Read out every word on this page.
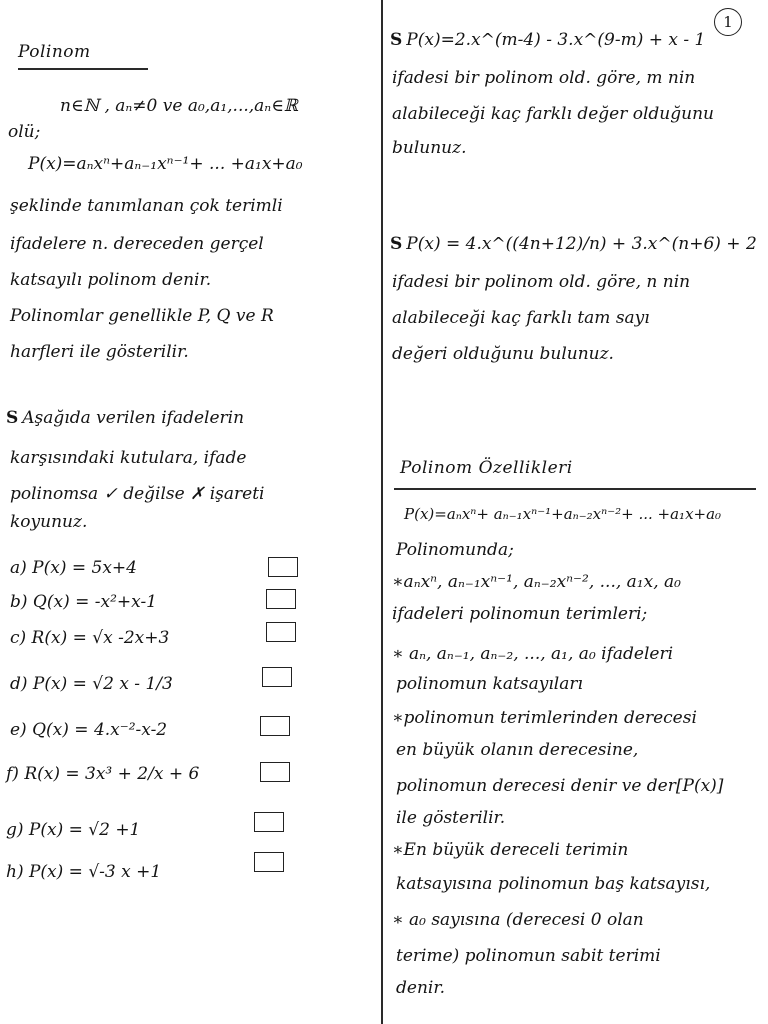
1
Polinom
n∈ℕ , aₙ≠0 ve a₀,a₁,...,aₙ∈ℝ
olü;
P(x)=aₙxⁿ+aₙ₋₁xⁿ⁻¹+ ... +a₁x+a₀
şeklinde tanımlanan çok terimli
ifadelere n. dereceden gerçel
katsayılı polinom denir.
Polinomlar genellikle P, Q ve R
harfleri ile gösterilir.
S Aşağıda verilen ifadelerin
karşısındaki kutulara, ifade
polinomsa ✓ değilse ✗ işareti
koyunuz.
a) P(x) = 5x+4
b) Q(x) = -x²+x-1
c) R(x) = √x -2x+3
d) P(x) = √2 x - 1/3
e) Q(x) = 4.x⁻²-x-2
f) R(x) = 3x³ + 2/x + 6
g) P(x) = √2 +1
h) P(x) = √-3 x +1
S P(x)=2.x^(m-4) - 3.x^(9-m) + x - 1
ifadesi bir polinom old. göre, m nin
alabileceği kaç farklı değer olduğunu
bulunuz.
S P(x) = 4.x^((4n+12)/n) + 3.x^(n+6) + 2
ifadesi bir polinom old. göre, n nin
alabileceği kaç farklı tam sayı
değeri olduğunu bulunuz.
Polinom Özellikleri
P(x)=aₙxⁿ+ aₙ₋₁xⁿ⁻¹+aₙ₋₂xⁿ⁻²+ ... +a₁x+a₀
Polinomunda;
∗aₙxⁿ, aₙ₋₁xⁿ⁻¹, aₙ₋₂xⁿ⁻², ..., a₁x, a₀
ifadeleri polinomun terimleri;
∗ aₙ, aₙ₋₁, aₙ₋₂, ..., a₁, a₀ ifadeleri
polinomun katsayıları
∗polinomun terimlerinden derecesi
en büyük olanın derecesine,
polinomun derecesi denir ve der[P(x)]
ile gösterilir.
∗En büyük dereceli terimin
katsayısına polinomun baş katsayısı,
∗ a₀ sayısına (derecesi 0 olan
terime) polinomun sabit terimi
denir.
